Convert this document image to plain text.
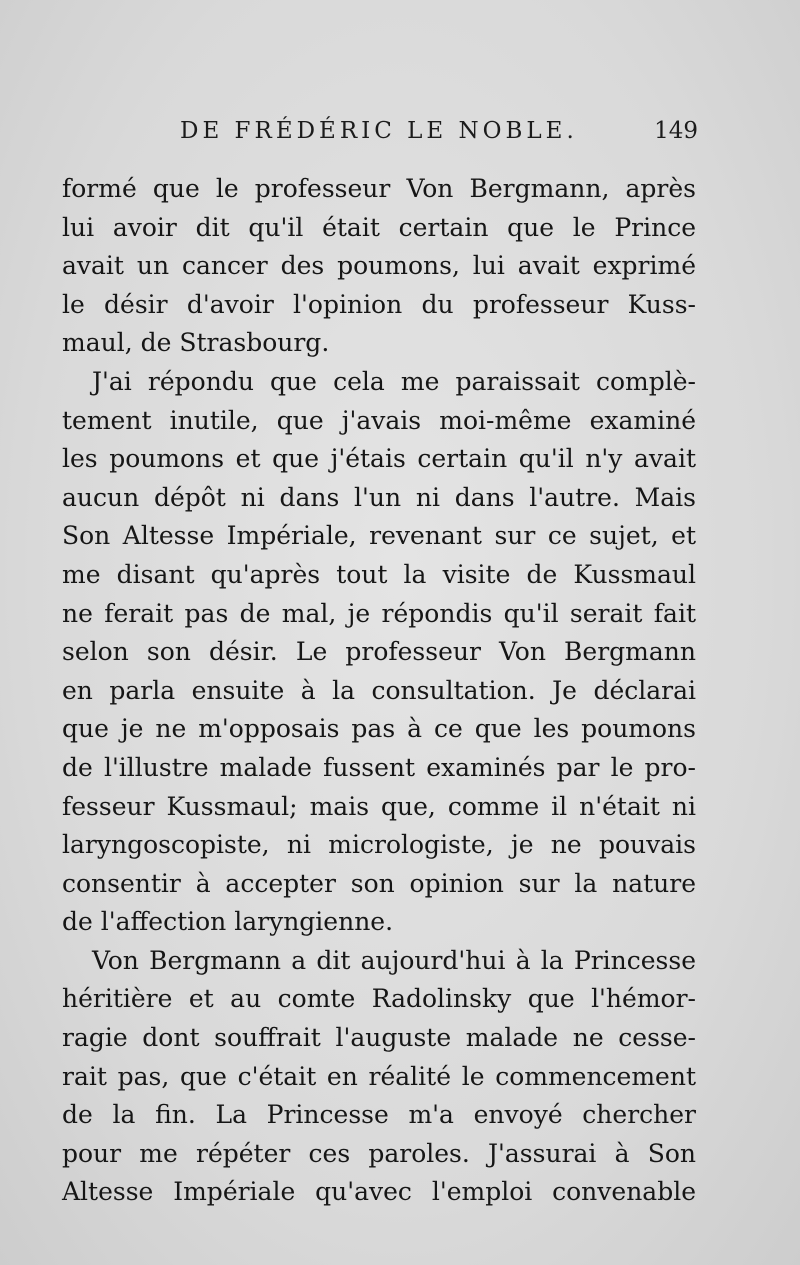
DE FRÉDÉRIC LE NOBLE.	149
formé que le professeur Von Bergmann, après
lui avoir dit qu'il était certain que le Prince
avait un cancer des poumons, lui avait exprimé
le désir d'avoir l'opinion du professeur Kuss-
maul, de Strasbourg.
J'ai répondu que cela me paraissait complè-
tement inutile, que j'avais moi-même examiné
les poumons et que j'étais certain qu'il n'y avait
aucun dépôt ni dans l'un ni dans l'autre. Mais
Son Altesse Impériale, revenant sur ce sujet, et
me disant qu'après tout la visite de Kussmaul
ne ferait pas de mal, je répondis qu'il serait fait
selon son désir. Le professeur Von Bergmann
en parla ensuite à la consultation. Je déclarai
que je ne m'opposais pas à ce que les poumons
de l'illustre malade fussent examinés par le pro-
fesseur Kussmaul; mais que, comme il n'était ni
laryngoscopiste, ni micrologiste, je ne pouvais
consentir à accepter son opinion sur la nature
de l'affection laryngienne.
Von Bergmann a dit aujourd'hui à la Princesse
héritière et au comte Radolinsky que l'hémor-
ragie dont souffrait l'auguste malade ne cesse-
rait pas, que c'était en réalité le commencement
de la fin. La Princesse m'a envoyé chercher
pour me répéter ces paroles. J'assurai à Son
Altesse Impériale qu'avec l'emploi convenable
